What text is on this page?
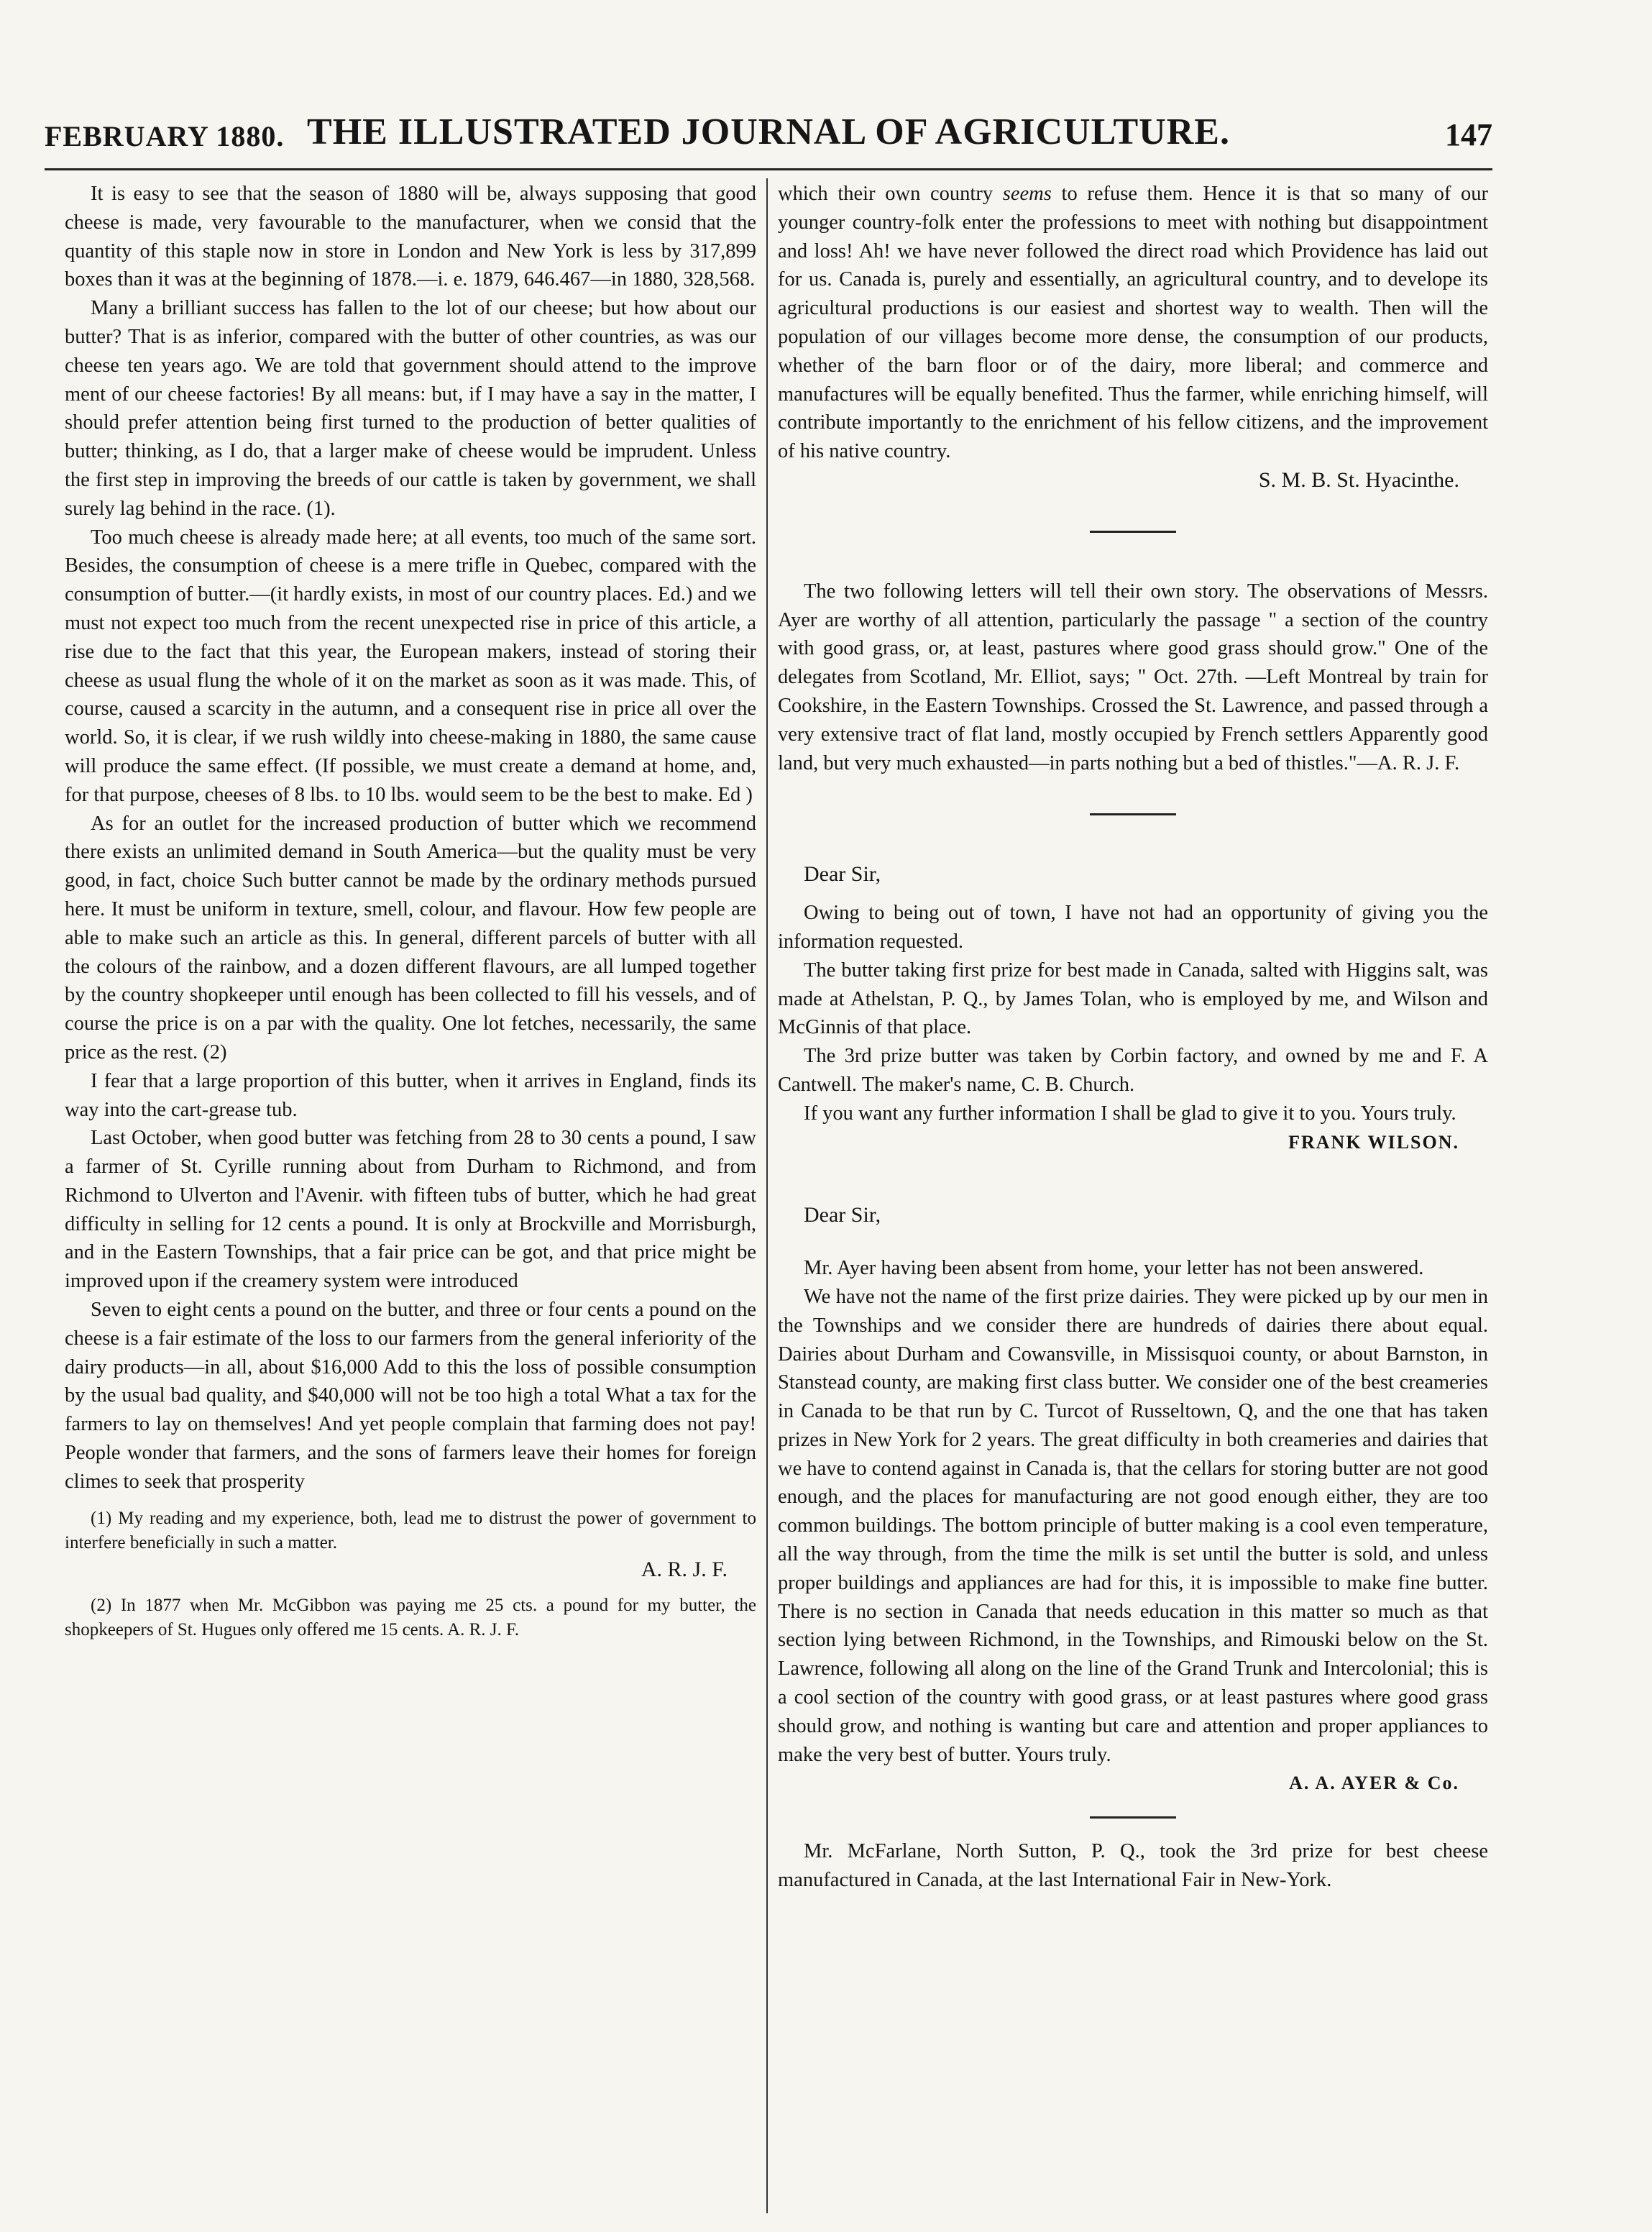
FEBRUARY 1880. THE ILLUSTRATED JOURNAL OF AGRICULTURE.	147

It is easy to see that the season of 1880 will be, always supposing that good cheese is made, very favourable to the manufacturer, when we consid that the quantity of this staple now in store in London and New York is less by 317,899 boxes than it was at the beginning of 1878.—i. e. 1879, 646.467—in 1880, 328,568.

Many a brilliant success has fallen to the lot of our cheese; but how about our butter? That is as inferior, compared with the butter of other countries, as was our cheese ten years ago. We are told that government should attend to the improve ment of our cheese factories! By all means: but, if I may have a say in the matter, I should prefer attention being first turned to the production of better qualities of butter; thinking, as I do, that a larger make of cheese would be imprudent. Unless the first step in improving the breeds of our cattle is taken by government, we shall surely lag behind in the race. (1).

Too much cheese is already made here; at all events, too much of the same sort. Besides, the consumption of cheese is a mere trifle in Quebec, compared with the consumption of butter.—(it hardly exists, in most of our country places. Ed.) and we must not expect too much from the recent unexpected rise in price of this article, a rise due to the fact that this year, the European makers, instead of storing their cheese as usual flung the whole of it on the market as soon as it was made. This, of course, caused a scarcity in the autumn, and a consequent rise in price all over the world. So, it is clear, if we rush wildly into cheese-making in 1880, the same cause will produce the same effect. (If possible, we must create a demand at home, and, for that purpose, cheeses of 8 lbs. to 10 lbs. would seem to be the best to make. Ed )

As for an outlet for the increased production of butter which we recommend there exists an unlimited demand in South America—but the quality must be very good, in fact, choice Such butter cannot be made by the ordinary methods pursued here. It must be uniform in texture, smell, colour, and flavour. How few people are able to make such an article as this. In general, different parcels of butter with all the colours of the rainbow, and a dozen different flavours, are all lumped together by the country shopkeeper until enough has been collected to fill his vessels, and of course the price is on a par with the quality. One lot fetches, necessarily, the same price as the rest. (2)

I fear that a large proportion of this butter, when it arrives in England, finds its way into the cart-grease tub.

Last October, when good butter was fetching from 28 to 30 cents a pound, I saw a farmer of St. Cyrille running about from Durham to Richmond, and from Richmond to Ulverton and l'Avenir. with fifteen tubs of butter, which he had great difficulty in selling for 12 cents a pound. It is only at Brockville and Morrisburgh, and in the Eastern Townships, that a fair price can be got, and that price might be improved upon if the creamery system were introduced

Seven to eight cents a pound on the butter, and three or four cents a pound on the cheese is a fair estimate of the loss to our farmers from the general inferiority of the dairy products—in all, about $16,000 Add to this the loss of possible consumption by the usual bad quality, and $40,000 will not be too high a total What a tax for the farmers to lay on themselves! And yet people complain that farming does not pay! People wonder that farmers, and the sons of farmers leave their homes for foreign climes to seek that prosperity

(1) My reading and my experience, both, lead me to distrust the power of government to interfere beneficially in such a matter.

A. R. J. F.

(2) In 1877 when Mr. McGibbon was paying me 25 cts. a pound for my butter, the shopkeepers of St. Hugues only offered me 15 cents. A. R. J. F.

which their own country seems to refuse them. Hence it is that so many of our younger country-folk enter the professions to meet with nothing but disappointment and loss! Ah! we have never followed the direct road which Providence has laid out for us. Canada is, purely and essentially, an agricultural country, and to develope its agricultural productions is our easiest and shortest way to wealth. Then will the population of our villages become more dense, the consumption of our products, whether of the barn floor or of the dairy, more liberal; and commerce and manufactures will be equally benefited. Thus the farmer, while enriching himself, will contribute importantly to the enrichment of his fellow citizens, and the improvement of his native country.

S. M. B. St. Hyacinthe.

The two following letters will tell their own story. The observations of Messrs. Ayer are worthy of all attention, particularly the passage " a section of the country with good grass, or, at least, pastures where good grass should grow." One of the delegates from Scotland, Mr. Elliot, says; " Oct. 27th. —Left Montreal by train for Cookshire, in the Eastern Townships. Crossed the St. Lawrence, and passed through a very extensive tract of flat land, mostly occupied by French settlers Apparently good land, but very much exhausted—in parts nothing but a bed of thistles."—A. R. J. F.

Dear Sir,

Owing to being out of town, I have not had an opportunity of giving you the information requested.

The butter taking first prize for best made in Canada, salted with Higgins salt, was made at Athelstan, P. Q., by James Tolan, who is employed by me, and Wilson and McGinnis of that place.

The 3rd prize butter was taken by Corbin factory, and owned by me and F. A Cantwell. The maker's name, C. B. Church.

If you want any further information I shall be glad to give it to you. Yours truly.

FRANK WILSON.

Dear Sir,

Mr. Ayer having been absent from home, your letter has not been answered.

We have not the name of the first prize dairies. They were picked up by our men in the Townships and we consider there are hundreds of dairies there about equal. Dairies about Durham and Cowansville, in Missisquoi county, or about Barnston, in Stanstead county, are making first class butter. We consider one of the best creameries in Canada to be that run by C. Turcot of Russeltown, Q, and the one that has taken prizes in New York for 2 years. The great difficulty in both creameries and dairies that we have to contend against in Canada is, that the cellars for storing butter are not good enough, and the places for manufacturing are not good enough either, they are too common buildings. The bottom principle of butter making is a cool even temperature, all the way through, from the time the milk is set until the butter is sold, and unless proper buildings and appliances are had for this, it is impossible to make fine butter. There is no section in Canada that needs education in this matter so much as that section lying between Richmond, in the Townships, and Rimouski below on the St. Lawrence, following all along on the line of the Grand Trunk and Intercolonial; this is a cool section of the country with good grass, or at least pastures where good grass should grow, and nothing is wanting but care and attention and proper appliances to make the very best of butter. Yours truly.

A. A. AYER & Co.

Mr. McFarlane, North Sutton, P. Q., took the 3rd prize for best cheese manufactured in Canada, at the last International Fair in New-York.
